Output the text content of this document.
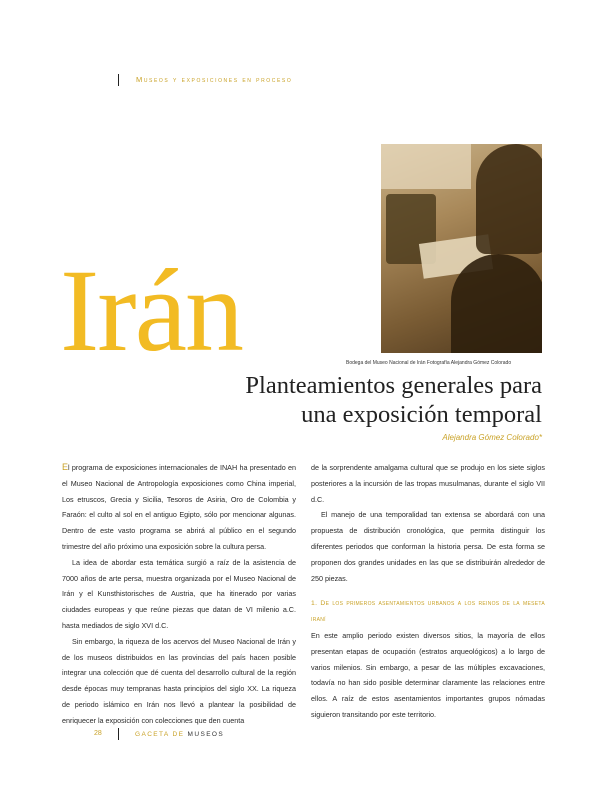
Museos y exposiciones en proceso
Bodega del Museo Nacional de Irán Fotografía Alejandra Gómez Colorado
Irán
Planteamientos generales para
una exposición temporal
Alejandra Gómez Colorado*

El programa de exposiciones internacionales de INAH ha presentado en el Museo Nacional de Antropología exposiciones como China imperial, Los etruscos, Grecia y Sicilia, Tesoros de Asiria, Oro de Colombia y Faraón: el culto al sol en el antiguo Egipto, sólo por mencionar algunas. Dentro de este vasto programa se abrirá al público en el segundo trimestre del año próximo una exposición sobre la cultura persa.

La idea de abordar esta temática surgió a raíz de la asistencia de 7000 años de arte persa, muestra organizada por el Museo Nacional de Irán y el Kunsthistorisches de Austria, que ha itinerado por varias ciudades europeas y que reúne piezas que datan de VI milenio a.C. hasta mediados de siglo XVI d.C.

Sin embargo, la riqueza de los acervos del Museo Nacional de Irán y de los museos distribuidos en las provincias del país hacen posible integrar una colección que dé cuenta del desarrollo cultural de la región desde épocas muy tempranas hasta principios del siglo XX. La riqueza de periodo islámico en Irán nos llevó a plantear la posibilidad de enriquecer la exposición con colecciones que den cuenta

de la sorprendente amalgama cultural que se produjo en los siete siglos posteriores a la incursión de las tropas musulmanas, durante el siglo VII d.C.

El manejo de una temporalidad tan extensa se abordará con una propuesta de distribución cronológica, que permita distinguir los diferentes periodos que conforman la historia persa. De esta forma se proponen dos grandes unidades en las que se distribuirán alrededor de 250 piezas.

1. De los primeros asentamientos urbanos a los reinos de la meseta iraní

En este amplio periodo existen diversos sitios, la mayoría de ellos presentan etapas de ocupación (estratos arqueológicos) a lo largo de varios milenios. Sin embargo, a pesar de las múltiples excavaciones, todavía no han sido posible determinar claramente las relaciones entre ellos. A raíz de estos asentamientos importantes grupos nómadas siguieron transitando por este territorio.

28	GACETA DE MUSEOS
